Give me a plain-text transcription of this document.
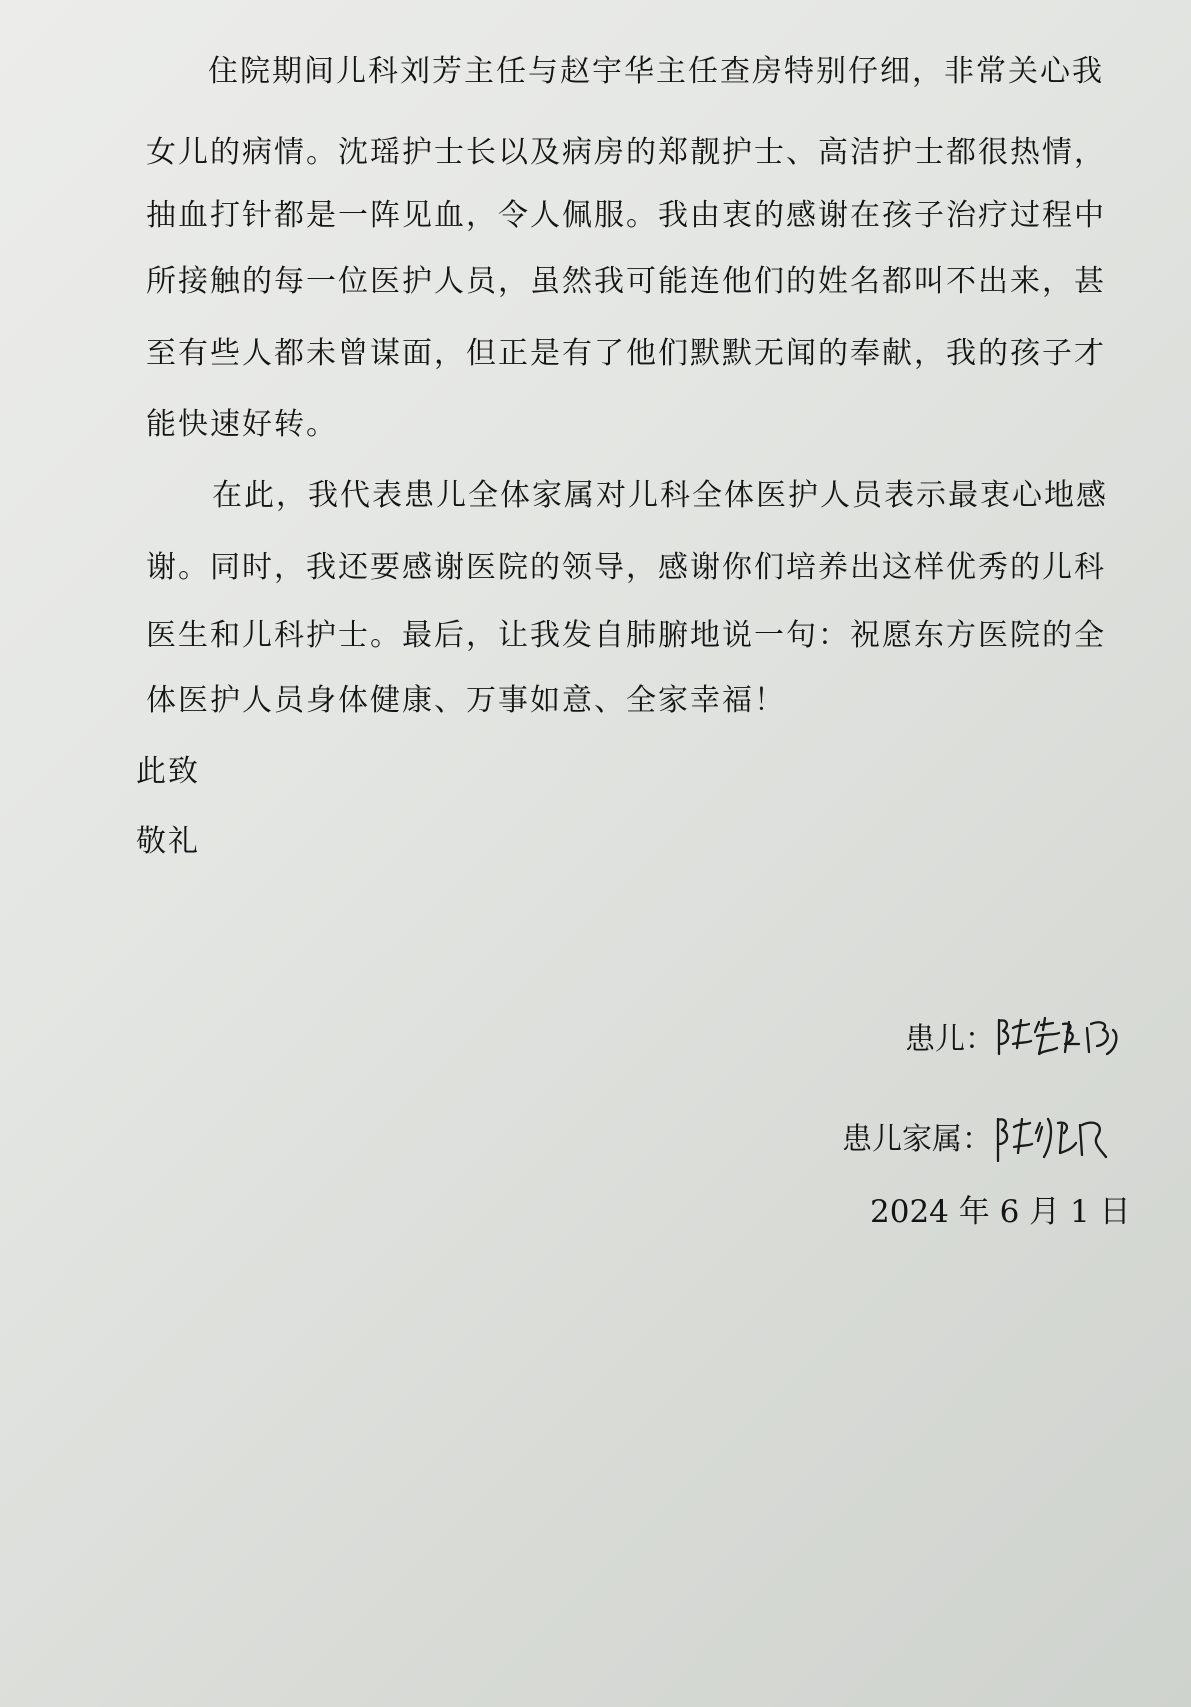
住院期间儿科刘芳主任与赵宇华主任查房特别仔细，非常关心我
女儿的病情。沈瑶护士长以及病房的郑靓护士、高洁护士都很热情，
抽血打针都是一阵见血，令人佩服。我由衷的感谢在孩子治疗过程中
所接触的每一位医护人员，虽然我可能连他们的姓名都叫不出来，甚
至有些人都未曾谋面，但正是有了他们默默无闻的奉献，我的孩子才
能快速好转。
在此，我代表患儿全体家属对儿科全体医护人员表示最衷心地感
谢。同时，我还要感谢医院的领导，感谢你们培养出这样优秀的儿科
医生和儿科护士。最后，让我发自肺腑地说一句：祝愿东方医院的全
体医护人员身体健康、万事如意、全家幸福！
此致
敬礼
患儿：
患儿家属：
2024 年 6 月 1 日
